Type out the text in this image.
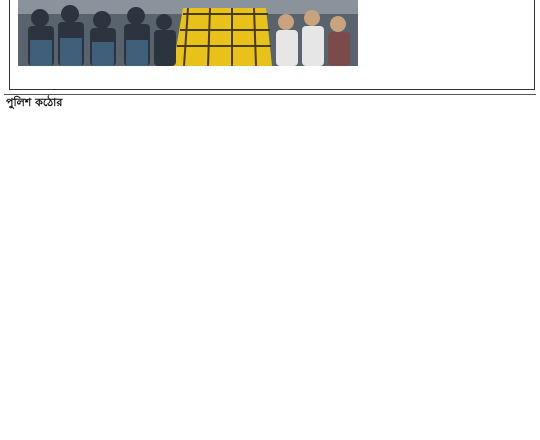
পুলিশ কঠোর
